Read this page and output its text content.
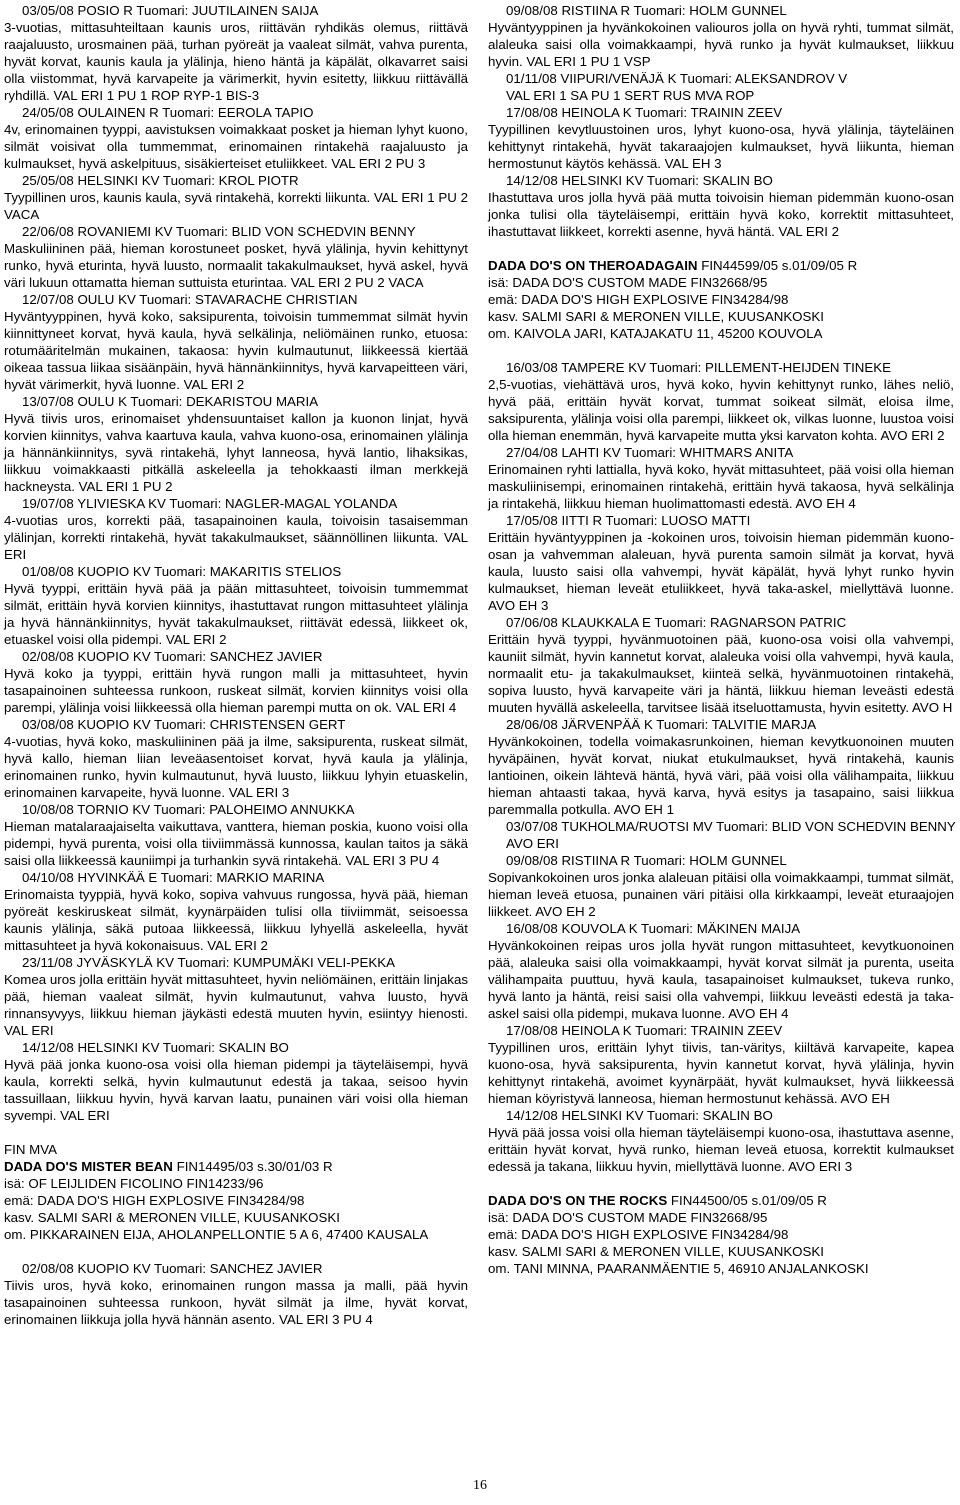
03/05/08 POSIO R Tuomari: JUUTILAINEN SAIJA
3-vuotias, mittasuhteiltaan kaunis uros, riittävän ryhdikäs olemus, riittävä raajaluusto, urosmainen pää, turhan pyöreät ja vaaleat silmät, vahva purenta, hyvät korvat, kaunis kaula ja ylälinja, hieno häntä ja käpälät, olkavarret saisi olla viistommat, hyvä karvapeite ja värimerkit, hyvin esitetty, liikkuu riittävällä ryhdillä. VAL ERI 1 PU 1 ROP RYP-1 BIS-3
24/05/08 OULAINEN R Tuomari: EEROLA TAPIO
4v, erinomainen tyyppi, aavistuksen voimakkaat posket ja hieman lyhyt kuono, silmät voisivat olla tummemmat, erinomainen rintakehä raajaluusto ja kulmaukset, hyvä askelpituus, sisäkierteiset etuliikkeet. VAL ERI 2 PU 3
25/05/08 HELSINKI KV Tuomari: KROL PIOTR
Tyypillinen uros, kaunis kaula, syvä rintakehä, korrekti liikunta. VAL ERI 1 PU 2 VACA
22/06/08 ROVANIEMI KV Tuomari: BLID VON SCHEDVIN BENNY
Maskuliininen pää, hieman korostuneet posket, hyvä ylälinja, hyvin kehittynyt runko, hyvä eturinta, hyvä luusto, normaalit takakulmaukset, hyvä askel, hyvä väri lukuun ottamatta hieman suttuista eturintaa. VAL ERI 2 PU 2 VACA
12/07/08 OULU KV Tuomari: STAVARACHE CHRISTIAN
Hyväntyyppinen, hyvä koko, saksipurenta, toivoisin tummemmat silmät hyvin kiinnittyneet korvat, hyvä kaula, hyvä selkälinja, neliömäinen runko, etuosa: rotumääritelmän mukainen, takaosa: hyvin kulmautunut, liikkeessä kiertää oikeaa tassua liikaa sisäänpäin, hyvä hännänkiinnitys, hyvä karvapeitteen väri, hyvät värimerkit, hyvä luonne. VAL ERI 2
13/07/08 OULU K Tuomari: DEKARISTOU MARIA
Hyvä tiivis uros, erinomaiset yhdensuuntaiset kallon ja kuonon linjat, hyvä korvien kiinnitys, vahva kaartuva kaula, vahva kuono-osa, erinomainen ylälinja ja hännänkiinnitys, syvä rintakehä, lyhyt lanneosa, hyvä lantio, lihaksikas, liikkuu voimakkaasti pitkällä askeleella ja tehokkaasti ilman merkkejä hackneysta. VAL ERI 1 PU 2
19/07/08 YLIVIESKA KV Tuomari: NAGLER-MAGAL YOLANDA
4-vuotias uros, korrekti pää, tasapainoinen kaula, toivoisin tasaisemman ylälinjan, korrekti rintakehä, hyvät takakulmaukset, säännöllinen liikunta. VAL ERI
01/08/08 KUOPIO KV Tuomari: MAKARITIS STELIOS
Hyvä tyyppi, erittäin hyvä pää ja pään mittasuhteet, toivoisin tummemmat silmät, erittäin hyvä korvien kiinnitys, ihastuttavat rungon mittasuhteet ylälinja ja hyvä hännänkiinnitys, hyvät takakulmaukset, riittävät edessä, liikkeet ok, etuaskel voisi olla pidempi. VAL ERI 2
02/08/08 KUOPIO KV Tuomari: SANCHEZ JAVIER
Hyvä koko ja tyyppi, erittäin hyvä rungon malli ja mittasuhteet, hyvin tasapainoinen suhteessa runkoon, ruskeat silmät, korvien kiinnitys voisi olla parempi, ylälinja voisi liikkeessä olla hieman parempi mutta on ok. VAL ERI 4
03/08/08 KUOPIO KV Tuomari: CHRISTENSEN GERT
4-vuotias, hyvä koko, maskuliininen pää ja ilme, saksipurenta, ruskeat silmät, hyvä kallo, hieman liian leveäasentoiset korvat, hyvä kaula ja ylälinja, erinomainen runko, hyvin kulmautunut, hyvä luusto, liikkuu lyhyin etuaskelin, erinomainen karvapeite, hyvä luonne. VAL ERI 3
10/08/08 TORNIO KV Tuomari: PALOHEIMO ANNUKKA
Hieman matalaraajaiselta vaikuttava, vanttera, hieman poskia, kuono voisi olla pidempi, hyvä purenta, voisi olla tiiviimmässä kunnossa, kaulan taitos ja säkä saisi olla liikkeessä kauniimpi ja turhankin syvä rintakehä. VAL ERI 3 PU 4
04/10/08 HYVINKÄÄ E Tuomari: MARKIO MARINA
Erinomaista tyyppiä, hyvä koko, sopiva vahvuus rungossa, hyvä pää, hieman pyöreät keskiruskeat silmät, kyynärpäiden tulisi olla tiiviimmät, seisoessa kaunis ylälinja, säkä putoaa liikkeessä, liikkuu lyhyellä askeleella, hyvät mittasuhteet ja hyvä kokonaisuus. VAL ERI 2
23/11/08 JYVÄSKYLÄ KV Tuomari: KUMPUMÄKI VELI-PEKKA
Komea uros jolla erittäin hyvät mittasuhteet, hyvin neliömäinen, erittäin linjakas pää, hieman vaaleat silmät, hyvin kulmautunut, vahva luusto, hyvä rinnansyvyys, liikkuu hieman jäykästi edestä muuten hyvin, esiintyy hienosti. VAL ERI
14/12/08 HELSINKI KV Tuomari: SKALIN BO
Hyvä pää jonka kuono-osa voisi olla hieman pidempi ja täyteläisempi, hyvä kaula, korrekti selkä, hyvin kulmautunut edestä ja takaa, seisoo hyvin tassuillaan, liikkuu hyvin, hyvä karvan laatu, punainen väri voisi olla hieman syvempi. VAL ERI
FIN MVA
DADA DO'S MISTER BEAN FIN14495/03 s.30/01/03 R
isä: OF LEIJLIDEN FICOLINO FIN14233/96
emä: DADA DO'S HIGH EXPLOSIVE FIN34284/98
kasv. SALMI SARI & MERONEN VILLE, KUUSANKOSKI
om. PIKKARAINEN EIJA, AHOLANPELLONTIE 5 A 6, 47400 KAUSALA
02/08/08 KUOPIO KV Tuomari: SANCHEZ JAVIER
Tiivis uros, hyvä koko, erinomainen rungon massa ja malli, pää hyvin tasapainoinen suhteessa runkoon, hyvät silmät ja ilme, hyvät korvat, erinomainen liikkuja jolla hyvä hännän asento. VAL ERI 3 PU 4
09/08/08 RISTIINA R Tuomari: HOLM GUNNEL
Hyväntyyppinen ja hyvänkokoinen valiouros jolla on hyvä ryhti, tummat silmät, alaleuka saisi olla voimakkaampi, hyvä runko ja hyvät kulmaukset, liikkuu hyvin. VAL ERI 1 PU 1 VSP
01/11/08 VIIPURI/VENÄJÄ K Tuomari: ALEKSANDROV V
VAL ERI 1 SA PU 1 SERT RUS MVA ROP
17/08/08 HEINOLA K Tuomari: TRAININ ZEEV
Tyypillinen kevytluustoinen uros, lyhyt kuono-osa, hyvä ylälinja, täyteläinen kehittynyt rintakehä, hyvät takaraajojen kulmaukset, hyvä liikunta, hieman hermostunut käytös kehässä. VAL EH 3
14/12/08 HELSINKI KV Tuomari: SKALIN BO
Ihastuttava uros jolla hyvä pää mutta toivoisin hieman pidemmän kuono-osan jonka tulisi olla täyteläisempi, erittäin hyvä koko, korrektit mittasuhteet, ihastuttavat liikkeet, korrekti asenne, hyvä häntä. VAL ERI 2
DADA DO'S ON THEROADAGAIN FIN44599/05 s.01/09/05 R
isä: DADA DO'S CUSTOM MADE FIN32668/95
emä: DADA DO'S HIGH EXPLOSIVE FIN34284/98
kasv. SALMI SARI & MERONEN VILLE, KUUSANKOSKI
om. KAIVOLA JARI, KATAJAKATU 11, 45200 KOUVOLA
16/03/08 TAMPERE KV Tuomari: PILLEMENT-HEIJDEN TINEKE
2,5-vuotias, viehättävä uros, hyvä koko, hyvin kehittynyt runko, lähes neliö, hyvä pää, erittäin hyvät korvat, tummat soikeat silmät, eloisa ilme, saksipurenta, ylälinja voisi olla parempi, liikkeet ok, vilkas luonne, luustoa voisi olla hieman enemmän, hyvä karvapeite mutta yksi karvaton kohta. AVO ERI 2
27/04/08 LAHTI KV Tuomari: WHITMARS ANITA
Erinomainen ryhti lattialla, hyvä koko, hyvät mittasuhteet, pää voisi olla hieman maskuliinisempi, erinomainen rintakehä, erittäin hyvä takaosa, hyvä selkälinja ja rintakehä, liikkuu hieman huolimattomasti edestä. AVO EH 4
17/05/08 IITTI R Tuomari: LUOSO MATTI
Erittäin hyväntyyppinen ja -kokoinen uros, toivoisin hieman pidemmän kuono-osan ja vahvemman alaleuan, hyvä purenta samoin silmät ja korvat, hyvä kaula, luusto saisi olla vahvempi, hyvät käpälät, hyvä lyhyt runko hyvin kulmaukset, hieman leveät etuliikkeet, hyvä taka-askel, miellyttävä luonne. AVO EH 3
07/06/08 KLAUKKALA E Tuomari: RAGNARSON PATRIC
Erittäin hyvä tyyppi, hyvänmuotoinen pää, kuono-osa voisi olla vahvempi, kauniit silmät, hyvin kannetut korvat, alaleuka voisi olla vahvempi, hyvä kaula, normaalit etu- ja takakulmaukset, kiinteä selkä, hyvänmuotoinen rintakehä, sopiva luusto, hyvä karvapeite väri ja häntä, liikkuu hieman leveästi edestä muuten hyvällä askeleella, tarvitsee lisää itseluottamusta, hyvin esitetty. AVO H
28/06/08 JÄRVENPÄÄ K Tuomari: TALVITIE MARJA
Hyvänkokoinen, todella voimakasrunkoinen, hieman kevytkuonoinen muuten hyväpäinen, hyvät korvat, niukat etukulmaukset, hyvä rintakehä, kaunis lantioinen, oikein lähtevä häntä, hyvä väri, pää voisi olla välihampaita, liikkuu hieman ahtaasti takaa, hyvä karva, hyvä esitys ja tasapaino, saisi liikkua paremmalla potkulla. AVO EH 1
03/07/08 TUKHOLMA/RUOTSI MV Tuomari: BLID VON SCHEDVIN BENNY
AVO ERI
09/08/08 RISTIINA R Tuomari: HOLM GUNNEL
Sopivankokoinen uros jonka alaleuan pitäisi olla voimakkaampi, tummat silmät, hieman leveä etuosa, punainen väri pitäisi olla kirkkaampi, leveät eturaajojen liikkeet. AVO EH 2
16/08/08 KOUVOLA K Tuomari: MÄKINEN MAIJA
Hyvänkokoinen reipas uros jolla hyvät rungon mittasuhteet, kevytkuonoinen pää, alaleuka saisi olla voimakkaampi, hyvät korvat silmät ja purenta, useita välihampaita puuttuu, hyvä kaula, tasapainoiset kulmaukset, tukeva runko, hyvä lanto ja häntä, reisi saisi olla vahvempi, liikkuu leveästi edestä ja taka-askel saisi olla pidempi, mukava luonne. AVO EH 4
17/08/08 HEINOLA K Tuomari: TRAININ ZEEV
Tyypillinen uros, erittäin lyhyt tiivis, tan-väritys, kiiltävä karvapeite, kapea kuono-osa, hyvä saksipurenta, hyvin kannetut korvat, hyvä ylälinja, hyvin kehittynyt rintakehä, avoimet kyynärpäät, hyvät kulmaukset, hyvä liikkeessä hieman köyristyvä lanneosa, hieman hermostunut kehässä. AVO EH
14/12/08 HELSINKI KV Tuomari: SKALIN BO
Hyvä pää jossa voisi olla hieman täyteläisempi kuono-osa, ihastuttava asenne, erittäin hyvät korvat, hyvä runko, hieman leveä etuosa, korrektit kulmaukset edessä ja takana, liikkuu hyvin, miellyttävä luonne. AVO ERI 3
DADA DO'S ON THE ROCKS FIN44500/05 s.01/09/05 R
isä: DADA DO'S CUSTOM MADE FIN32668/95
emä: DADA DO'S HIGH EXPLOSIVE FIN34284/98
kasv. SALMI SARI & MERONEN VILLE, KUUSANKOSKI
om. TANI MINNA, PAARANMÄENTIE 5, 46910 ANJALANKOSKI
16
